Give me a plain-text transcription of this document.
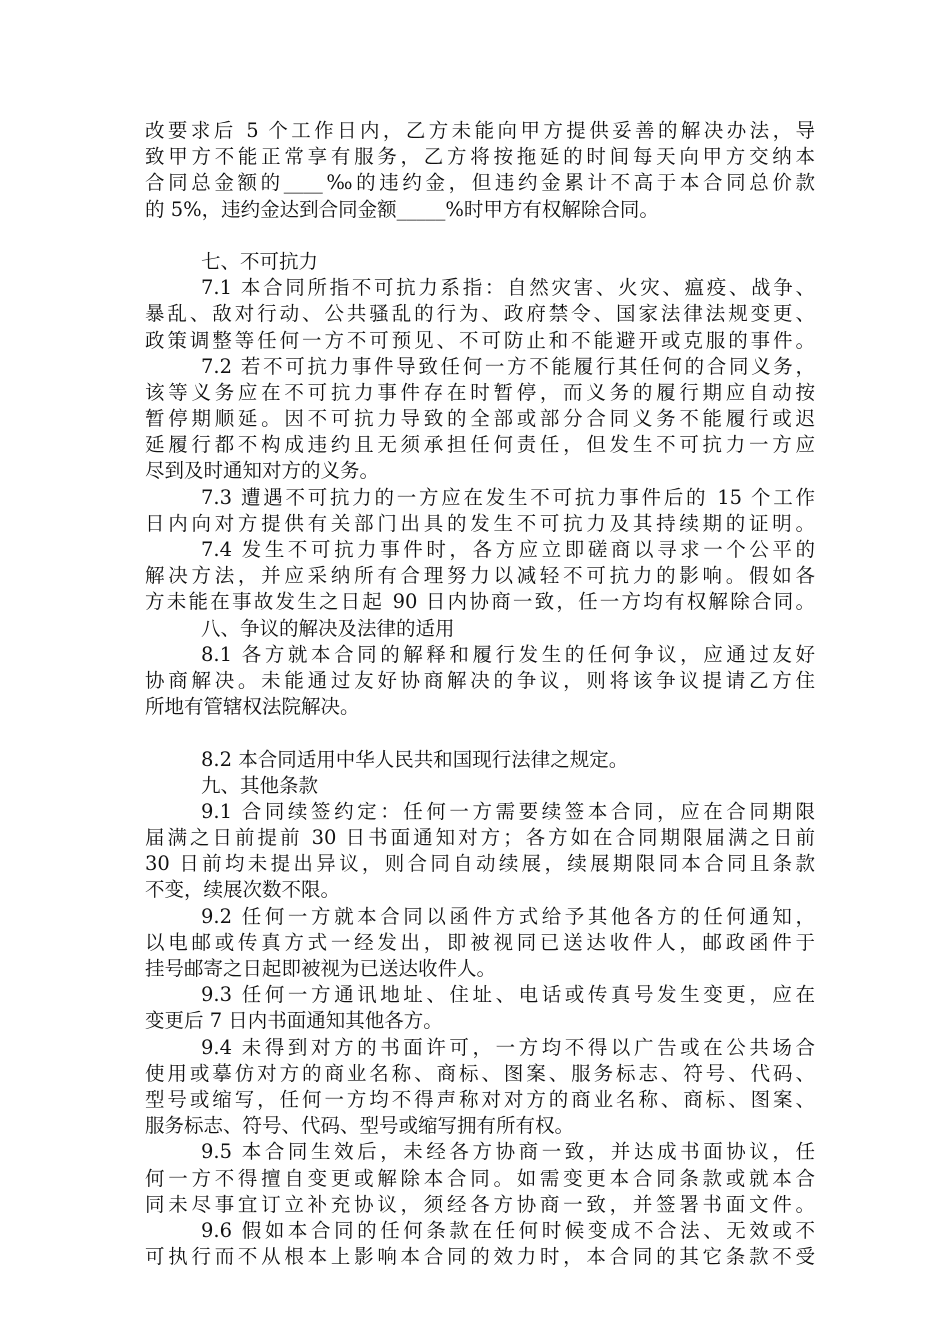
改要求后 5 个工作日内，乙方未能向甲方提供妥善的解决办法，导
致甲方不能正常享有服务，乙方将按拖延的时间每天向甲方交纳本
合同总金额的____‰的违约金，但违约金累计不高于本合同总价款
的 5%，违约金达到合同金额_____%时甲方有权解除合同。
七、不可抗力
7.1 本合同所指不可抗力系指：自然灾害、火灾、瘟疫、战争、
暴乱、敌对行动、公共骚乱的行为、政府禁令、国家法律法规变更、
政策调整等任何一方不可预见、不可防止和不能避开或克服的事件。
7.2 若不可抗力事件导致任何一方不能履行其任何的合同义务，
该等义务应在不可抗力事件存在时暂停，而义务的履行期应自动按
暂停期顺延。因不可抗力导致的全部或部分合同义务不能履行或迟
延履行都不构成违约且无须承担任何责任，但发生不可抗力一方应
尽到及时通知对方的义务。
7.3 遭遇不可抗力的一方应在发生不可抗力事件后的 15 个工作
日内向对方提供有关部门出具的发生不可抗力及其持续期的证明。
7.4 发生不可抗力事件时，各方应立即磋商以寻求一个公平的
解决方法，并应采纳所有合理努力以减轻不可抗力的影响。假如各
方未能在事故发生之日起 90 日内协商一致，任一方均有权解除合同。
八、争议的解决及法律的适用
8.1 各方就本合同的解释和履行发生的任何争议，应通过友好
协商解决。未能通过友好协商解决的争议，则将该争议提请乙方住
所地有管辖权法院解决。
8.2 本合同适用中华人民共和国现行法律之规定。
九、其他条款
9.1 合同续签约定：任何一方需要续签本合同，应在合同期限
届满之日前提前 30 日书面通知对方；各方如在合同期限届满之日前
30 日前均未提出异议，则合同自动续展，续展期限同本合同且条款
不变，续展次数不限。
9.2 任何一方就本合同以函件方式给予其他各方的任何通知，
以电邮或传真方式一经发出，即被视同已送达收件人，邮政函件于
挂号邮寄之日起即被视为已送达收件人。
9.3 任何一方通讯地址、住址、电话或传真号发生变更，应在
变更后 7 日内书面通知其他各方。
9.4 未得到对方的书面许可，一方均不得以广告或在公共场合
使用或摹仿对方的商业名称、商标、图案、服务标志、符号、代码、
型号或缩写，任何一方均不得声称对对方的商业名称、商标、图案、
服务标志、符号、代码、型号或缩写拥有所有权。
9.5 本合同生效后，未经各方协商一致，并达成书面协议，任
何一方不得擅自变更或解除本合同。如需变更本合同条款或就本合
同未尽事宜订立补充协议，须经各方协商一致，并签署书面文件。
9.6 假如本合同的任何条款在任何时候变成不合法、无效或不
可执行而不从根本上影响本合同的效力时，本合同的其它条款不受
